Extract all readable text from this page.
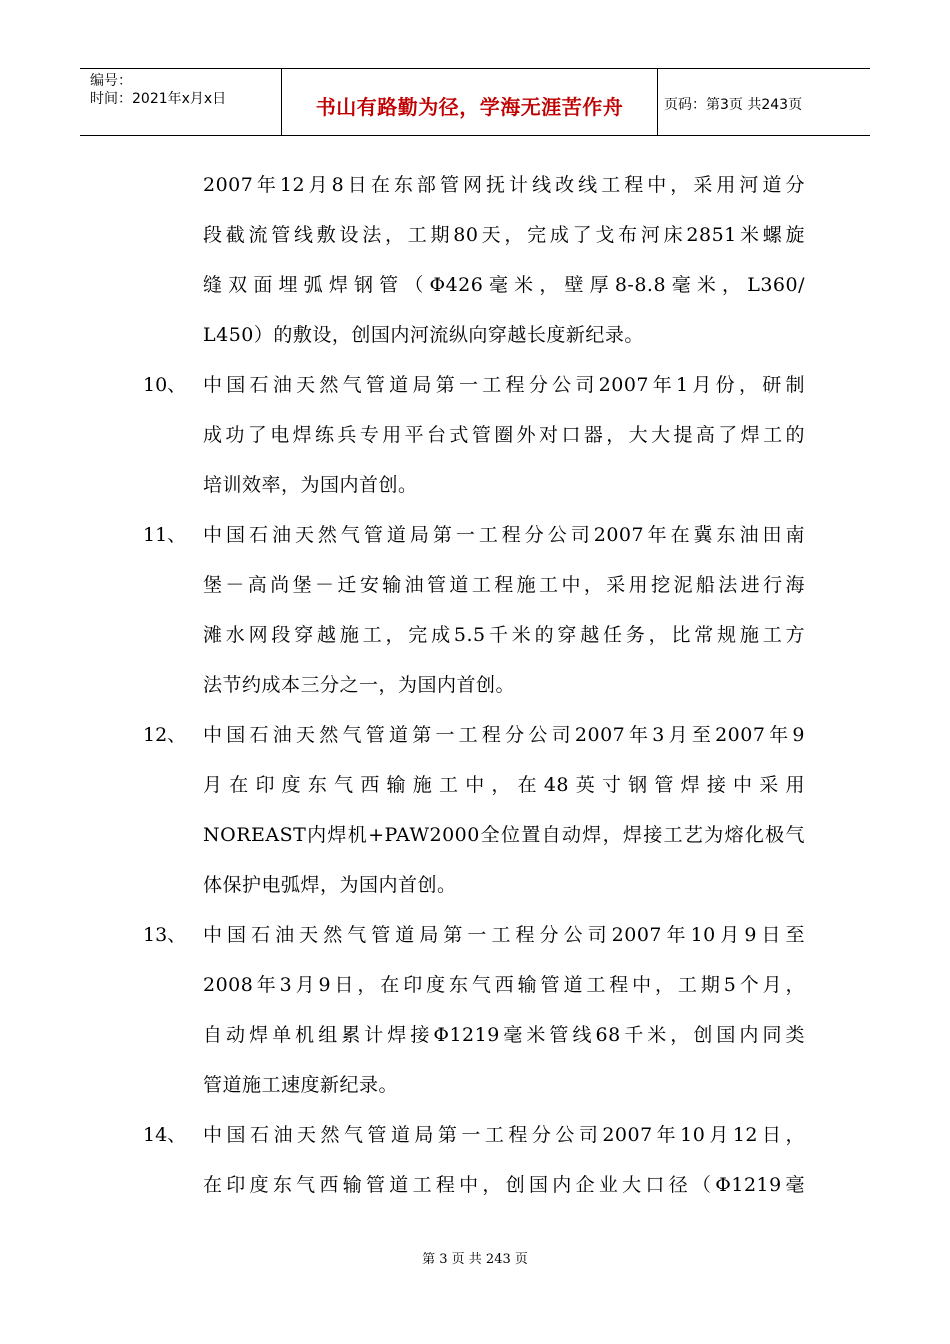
编号：
时间：2021年x月x日	书山有路勤为径，学海无涯苦作舟	页码：第3页 共243页
2007年12月8日在东部管网抚计线改线工程中，采用河道分
段截流管线敷设法，工期80天，完成了戈布河床2851米螺旋
缝双面埋弧焊钢管（Φ426毫米，壁厚8-8.8毫米，L360/
L450）的敷设，创国内河流纵向穿越长度新纪录。
10、 中国石油天然气管道局第一工程分公司2007年1月份，研制
成功了电焊练兵专用平台式管圈外对口器，大大提高了焊工的
培训效率，为国内首创。
11、 中国石油天然气管道局第一工程分公司2007年在冀东油田南
堡－高尚堡－迁安输油管道工程施工中，采用挖泥船法进行海
滩水网段穿越施工，完成5.5千米的穿越任务，比常规施工方
法节约成本三分之一，为国内首创。
12、 中国石油天然气管道第一工程分公司2007年3月至2007年9
月在印度东气西输施工中，在48英寸钢管焊接中采用
NOREAST内焊机+PAW2000全位置自动焊，焊接工艺为熔化极气
体保护电弧焊，为国内首创。
13、 中国石油天然气管道局第一工程分公司2007年10月9日至
2008年3月9日，在印度东气西输管道工程中，工期5个月，
自动焊单机组累计焊接Φ1219毫米管线68千米，创国内同类
管道施工速度新纪录。
14、 中国石油天然气管道局第一工程分公司2007年10月12日，
在印度东气西输管道工程中，创国内企业大口径（Φ1219毫
第 3 页 共 243 页
